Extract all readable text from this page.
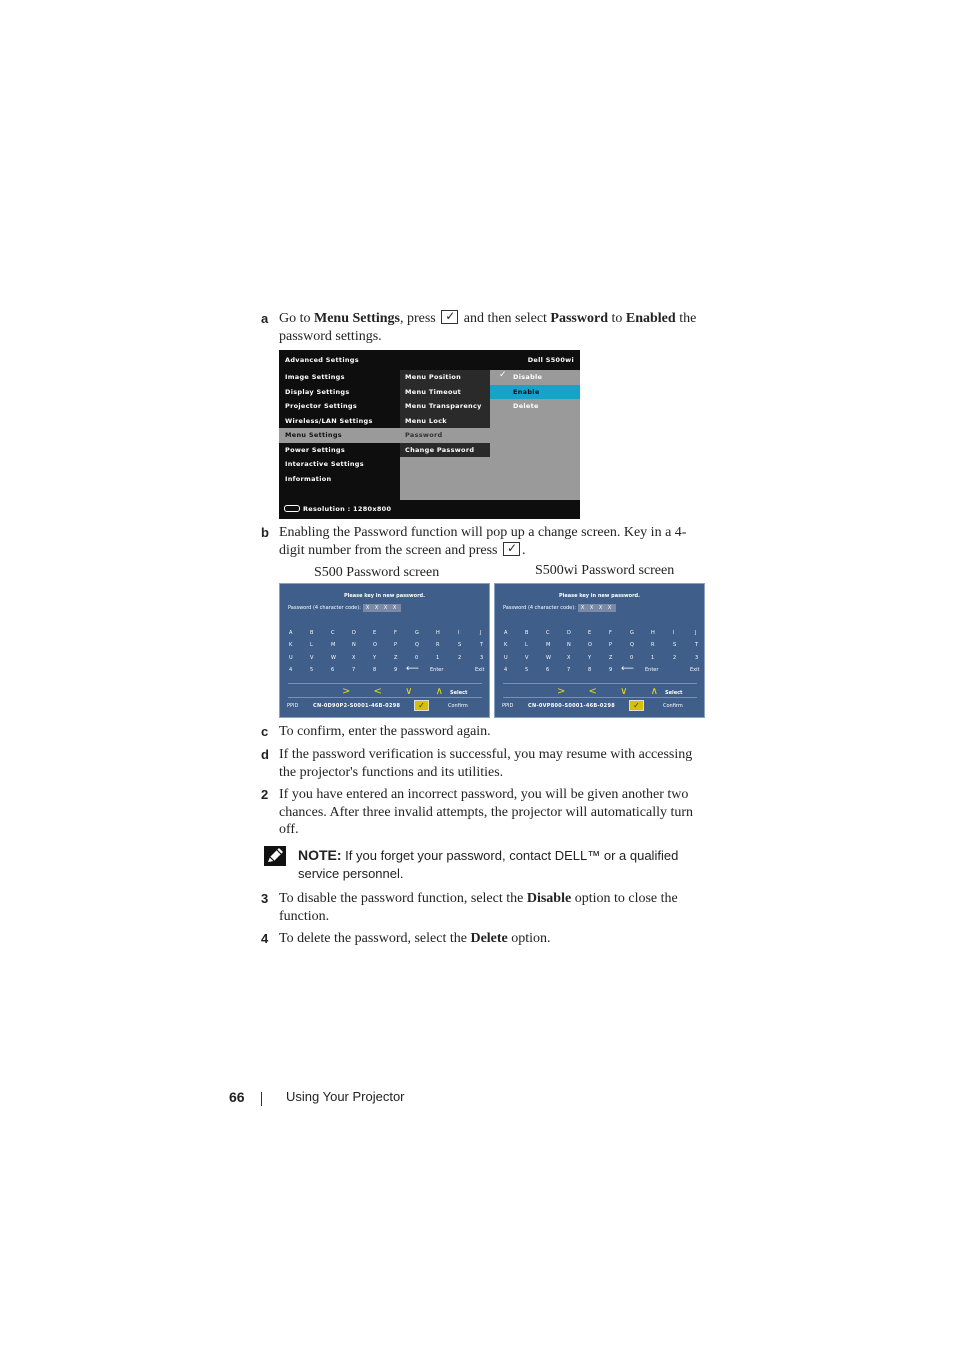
a Go to Menu Settings, press ✓ and then select Password to Enabled the password settings.
Advanced Settings	Dell S500wi
Image Settings
Display Settings
Projector Settings
Wireless/LAN Settings
Menu Settings
Power Settings
Interactive Settings
Information
Menu Position
Menu Timeout
Menu Transparency
Menu Lock
Password
Change Password
✓ Disable
Enable
Delete
Resolution : 1280x800
b Enabling the Password function will pop up a change screen. Key in a 4-digit number from the screen and press ✓.
S500 Password screen	S500wi Password screen
Please key in new password.
Password (4 character code): X X X X
A	B	C	D	E	F	G	H	I	J
K	L	M	N	O	P	Q	R	S	T
U	V	W	X	Y	Z	0	1	2	3
4	5	6	7	8	9 ⟵ Enter	Exit
> < ∨ ∧
Select
PPID	CN-0D90P2-S0001-46B-0298	✓	Confirm
Please key in new password.
Password (4 character code): X X X X
A	B	C	D	E	F	G	H	I	J
K	L	M	N	O	P	Q	R	S	T
U	V	W	X	Y	Z	0	1	2	3
4	5	6	7	8	9 ⟵ Enter	Exit
> < ∨ ∧
Select
PPID	CN-0VP800-S0001-46B-0298	✓	Confirm
c To confirm, enter the password again.
d If the password verification is successful, you may resume with accessing the projector's functions and its utilities.
2 If you have entered an incorrect password, you will be given another two chances. After three invalid attempts, the projector will automatically turn off.
NOTE: If you forget your password, contact DELL™ or a qualified service personnel.
3 To disable the password function, select the Disable option to close the function.
4 To delete the password, select the Delete option.
66	Using Your Projector
